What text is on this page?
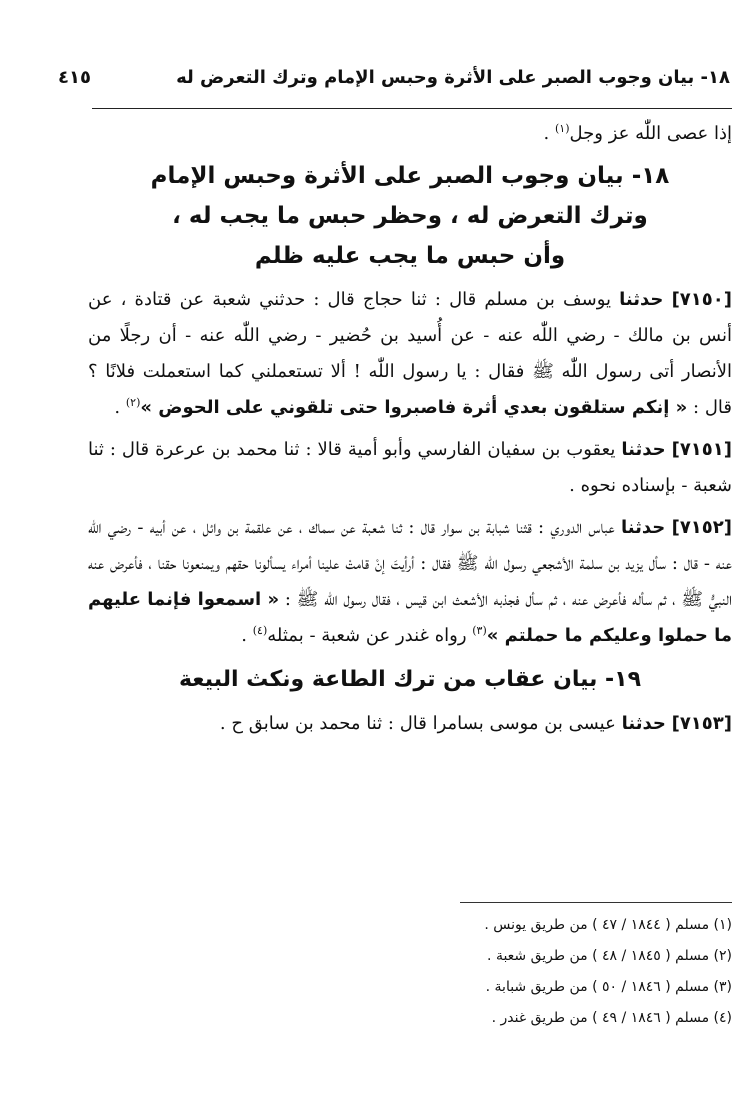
٤١٥	١٨- بيان وجوب الصبر على الأثرة وحبس الإمام وترك التعرض له

إذا عصى اللّٰه عز وجل$^{(١)}$ .

١٨- بيان وجوب الصبر على الأثرة وحبس الإمام وترك التعرض له ، وحظر حبس ما يجب له ، وأن حبس ما يجب عليه ظلم

[٧١٥٠] حدثنا يوسف بن مسلم قال : ثنا حجاج قال : حدثني شعبة عن قتادة ، عن أنس بن مالك - رضي اللّٰه عنه - عن أُسيد بن حُضير - رضي اللّٰه عنه - أن رجلًا من الأنصار أتى رسول اللّٰه ﷺ فقال : يا رسول اللّٰه ! ألا تستعملني كما استعملت فلانًا ؟ قال : « إنكم ستلقون بعدي أثرة فاصبروا حتى تلقوني على الحوض »$^{(٢)}$ .

[٧١٥١] حدثنا يعقوب بن سفيان الفارسي وأبو أمية قالا : ثنا محمد بن عرعرة قال : ثنا شعبة - بإسناده نحوه .

[٧١٥٢] حدثنا عباس الدوري : قثنا شبابة بن سوار قال : ثنا شعبة عن سماك ، عن علقمة بن وائل ، عن أبيه - رضي اللّٰه عنه - قال : سأل يزيد بن سلمة الأشجعي رسول اللّٰه ﷺ فقال : أرأيتَ إنْ قامتْ علينا أمراء يسألونا حقهم ويمنعونا حقنا ، فأعرض عنه النبيُّ ﷺ ، ثم سأله فأعرض عنه ، ثم سأل فجذبه الأشعث ابن قيس ، فقال رسول اللّٰه ﷺ : « اسمعوا فإنما عليهم ما حملوا وعليكم ما حملتم »$^{(٣)}$ رواه غندر عن شعبة - بمثله$^{(٤)}$ .

١٩- بيان عقاب من ترك الطاعة ونكث البيعة

[٧١٥٣] حدثنا عيسى بن موسى بسامرا قال : ثنا محمد بن سابق ح .

(١) مسلم ( ١٨٤٤ / ٤٧ ) من طريق يونس .

(٢) مسلم ( ١٨٤٥ / ٤٨ ) من طريق شعبة .

(٣) مسلم ( ١٨٤٦ / ٥٠ ) من طريق شبابة .

(٤) مسلم ( ١٨٤٦ / ٤٩ ) من طريق غندر .
